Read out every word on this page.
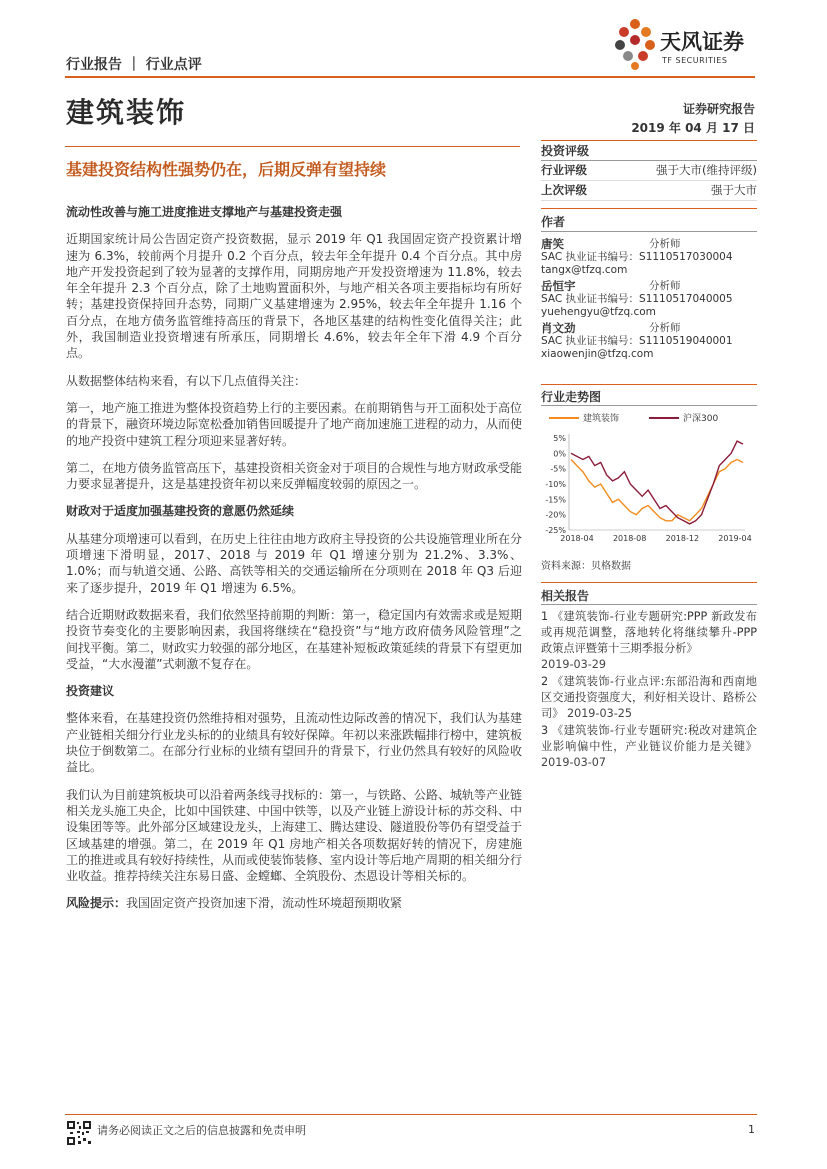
天风证券
TF SECURITIES
行业报告 ｜ 行业点评
建筑装饰	证券研究报告
2019 年 04 月 17 日
基建投资结构性强势仍在，后期反弹有望持续
流动性改善与施工进度推进支撑地产与基建投资走强

近期国家统计局公告固定资产投资数据，显示 2019 年 Q1 我国固定资产投资累计增速为 6.3%，较前两个月提升 0.2 个百分点，较去年全年提升 0.4 个百分点。其中房地产开发投资起到了较为显著的支撑作用，同期房地产开发投资增速为 11.8%，较去年全年提升 2.3 个百分点，除了土地购置面积外，与地产相关各项主要指标均有所好转；基建投资保持回升态势，同期广义基建增速为 2.95%，较去年全年提升 1.16 个百分点，在地方债务监管维持高压的背景下，各地区基建的结构性变化值得关注；此外，我国制造业投资增速有所承压，同期增长 4.6%，较去年全年下滑 4.9 个百分点。

从数据整体结构来看，有以下几点值得关注：

第一，地产施工推进为整体投资趋势上行的主要因素。在前期销售与开工面积处于高位的背景下，融资环境边际宽松叠加销售回暖提升了地产商加速施工进程的动力，从而使的地产投资中建筑工程分项迎来显著好转。

第二，在地方债务监管高压下，基建投资相关资金对于项目的合规性与地方财政承受能力要求显著提升，这是基建投资年初以来反弹幅度较弱的原因之一。

财政对于适度加强基建投资的意愿仍然延续

从基建分项增速可以看到，在历史上往往由地方政府主导投资的公共设施管理业所在分项增速下滑明显，2017、2018 与 2019 年 Q1 增速分别为 21.2%、3.3%、1.0%；而与轨道交通、公路、高铁等相关的交通运输所在分项则在 2018 年 Q3 后迎来了逐步提升，2019 年 Q1 增速为 6.5%。

结合近期财政数据来看，我们依然坚持前期的判断：第一，稳定国内有效需求或是短期投资节奏变化的主要影响因素，我国将继续在“稳投资”与“地方政府债务风险管理”之间找平衡。第二，财政实力较强的部分地区，在基建补短板政策延续的背景下有望更加受益，“大水漫灌”式刺激不复存在。

投资建议

整体来看，在基建投资仍然维持相对强势，且流动性边际改善的情况下，我们认为基建产业链相关细分行业龙头标的的业绩具有较好保障。年初以来涨跌幅排行榜中，建筑板块位于倒数第二。在部分行业标的业绩有望回升的背景下，行业仍然具有较好的风险收益比。

我们认为目前建筑板块可以沿着两条线寻找标的：第一，与铁路、公路、城轨等产业链相关龙头施工央企，比如中国铁建、中国中铁等，以及产业链上游设计标的苏交科、中设集团等等。此外部分区域建设龙头，上海建工、腾达建设、隧道股份等仍有望受益于区域基建的增强。第二，在 2019 年 Q1 房地产相关各项数据好转的情况下，房建施工的推进或具有较好持续性，从而或使装饰装修、室内设计等后地产周期的相关细分行业收益。推荐持续关注东易日盛、金螳螂、全筑股份、杰恩设计等相关标的。

风险提示：我国固定资产投资加速下滑，流动性环境超预期收紧

投资评级
行业评级	强于大市(维持评级)
上次评级	强于大市
作者
唐笑	分析师
SAC 执业证书编号：S1110517030004
tangx@tfzq.com
岳恒宇	分析师
SAC 执业证书编号：S1110517040005
yuehengyu@tfzq.com
肖文劲	分析师
SAC 执业证书编号：S1110519040001
xiaowenjin@tfzq.com
行业走势图
建筑装饰	沪深300
5%
0%
-5%
-10%
-15%
-20%
-25%
2018-04 2018-08 2018-12 2019-04
资料来源：贝格数据
相关报告
1 《建筑装饰-行业专题研究:PPP 新政发布或再规范调整，落地转化将继续攀升-PPP 政策点评暨第十三期季报分析》
2019-03-29
2 《建筑装饰-行业点评:东部沿海和西南地区交通投资强度大，利好相关设计、路桥公司》 2019-03-25
3 《建筑装饰-行业专题研究:税改对建筑企业影响偏中性，产业链议价能力是关键》 2019-03-07
请务必阅读正文之后的信息披露和免责申明	1
